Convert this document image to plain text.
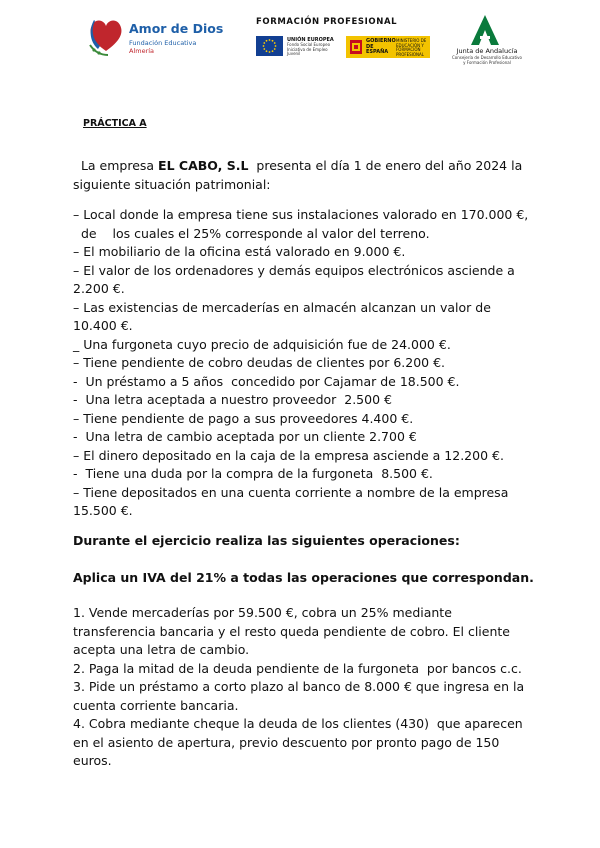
Amor de Dios
Fundación Educativa
Almería
FORMACIÓN PROFESIONAL
UNIÓN EUROPEA
Fondo Social Europeo Iniciativa de Empleo Juvenil
GOBIERNO DE ESPAÑA
MINISTERIO DE EDUCACIÓN Y FORMACIÓN PROFESIONAL	Junta de Andalucía
Consejería de Desarrollo Educativo y Formación Profesional
PRÁCTICA A
La empresa EL CABO, S.L  presenta el día 1 de enero del año 2024 la
siguiente situación patrimonial:
– Local donde la empresa tiene sus instalaciones valorado en 170.000 €,
de    los cuales el 25% corresponde al valor del terreno.
– El mobiliario de la oficina está valorado en 9.000 €.
– El valor de los ordenadores y demás equipos electrónicos asciende a
2.200 €.
– Las existencias de mercaderías en almacén alcanzan un valor de
10.400 €.
_ Una furgoneta cuyo precio de adquisición fue de 24.000 €.
– Tiene pendiente de cobro deudas de clientes por 6.200 €.
-  Un préstamo a 5 años  concedido por Cajamar de 18.500 €.
-  Una letra aceptada a nuestro proveedor  2.500 €
– Tiene pendiente de pago a sus proveedores 4.400 €.
-  Una letra de cambio aceptada por un cliente 2.700 €
– El dinero depositado en la caja de la empresa asciende a 12.200 €.
-  Tiene una duda por la compra de la furgoneta  8.500 €.
– Tiene depositados en una cuenta corriente a nombre de la empresa
15.500 €.
Durante el ejercicio realiza las siguientes operaciones:
Aplica un IVA del 21% a todas las operaciones que correspondan.
1. Vende mercaderías por 59.500 €, cobra un 25% mediante
transferencia bancaria y el resto queda pendiente de cobro. El cliente
acepta una letra de cambio.
2. Paga la mitad de la deuda pendiente de la furgoneta  por bancos c.c.
3. Pide un préstamo a corto plazo al banco de 8.000 € que ingresa en la
cuenta corriente bancaria.
4. Cobra mediante cheque la deuda de los clientes (430)  que aparecen
en el asiento de apertura, previo descuento por pronto pago de 150
euros.
